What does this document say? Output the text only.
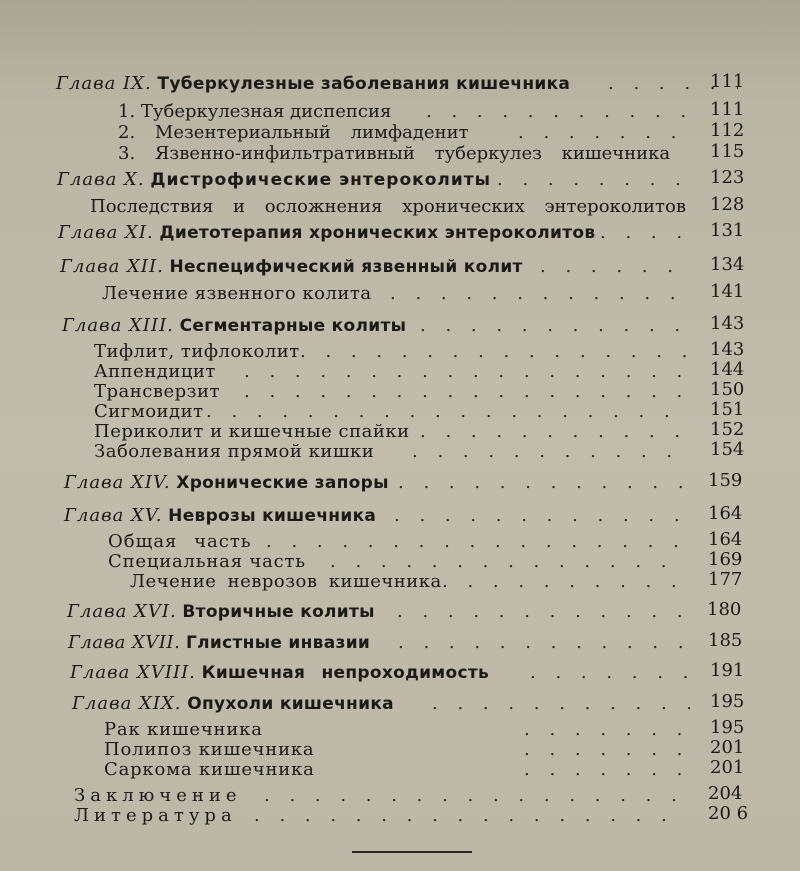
Глава IX. Туберкулезные заболевания кишечника . . .	111
1. Туберкулезная диспепсия . . .	111
2. Мезентериальный лимфаденит . . .	112
3. Язвенно-инфильтративный туберкулез кишечника 115
Глава X. Дистрофические энтероколиты . . .	123
Последствия и осложнения хронических энтероколитов 128
Глава XI. Диетотерапия хронических энтероколитов . . .	131
Глава XII. Неспецифический язвенный колит . . .	134
Лечение язвенного колита . . .	141
Глава XIII. Сегментарные колиты . . .	143
Тифлит, тифлоколит . . .	143
Аппендицит . . .	144
Трансверзит . . .	150
Сигмоидит . . .	151
Периколит и кишечные спайки . . .	152
Заболевания прямой кишки . . .	154
Глава XIV. Хронические запоры . . .	159
Глава XV. Неврозы кишечника . . .	164
Общая часть . . .	164
Специальная часть . . .	169
Лечение неврозов кишечника . . .	177
Глава XVI. Вторичные колиты . . .	180
Глава XVII. Глистные инвазии . . .	185
Глава XVIII. Кишечная непроходимость . . .	191
Глава XIX. Опухоли кишечника . . .	195
Рак кишечника . . .	195
Полипоз кишечника . . .	201
Саркома кишечника . . .	201
Заключение . . .	204
Литература . . .	20 6
